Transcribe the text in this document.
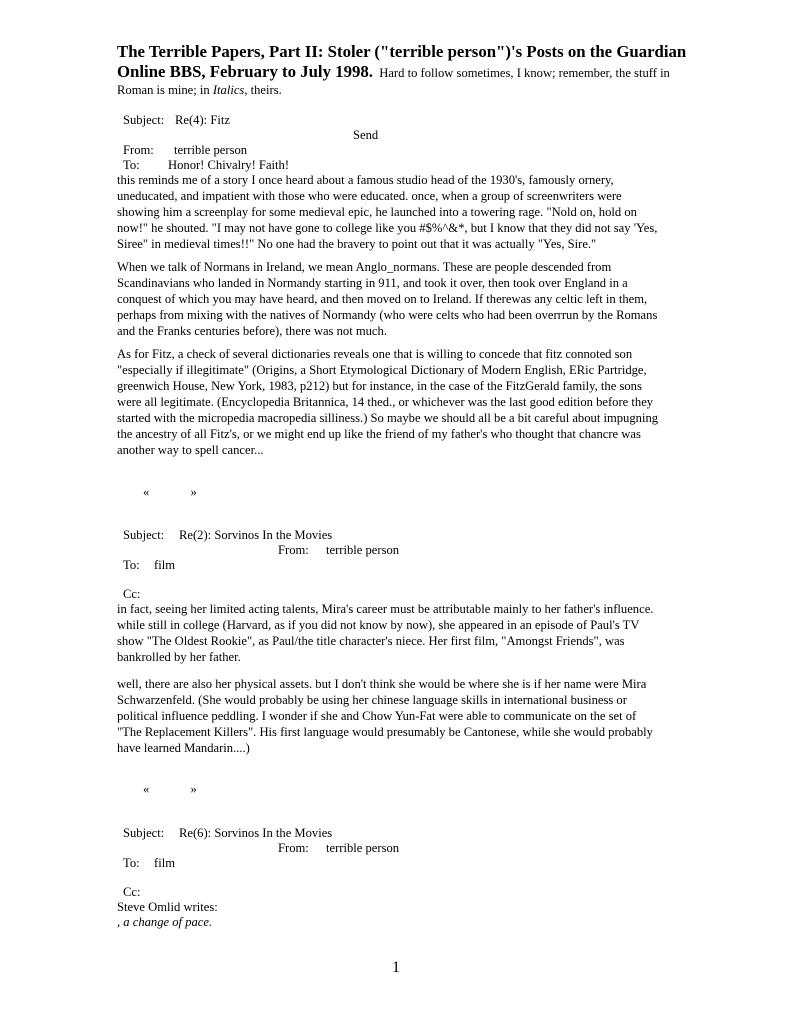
The Terrible Papers, Part II: Stoler ("terrible person")'s Posts on the Guardian
Online BBS, February to July 1998.  Hard to follow sometimes, I know; remember, the stuff in
Roman is mine; in Italics, theirs.
Subject: Re(4): Fitz
Send
From: terrible person
To: Honor! Chivalry! Faith!

this reminds me of a story I once heard about a famous studio head of the 1930's, famously ornery,

uneducated, and impatient with those who were educated. once, when a group of screenwriters were

showing him a screenplay for some medieval epic, he launched into a towering rage. "Nold on, hold on

now!" he shouted. "I may not have gone to college like you #$%^&*, but I know that they did not say 'Yes,

Siree" in medieval times!!" No one had the bravery to point out that it was actually "Yes, Sire."

When we talk of Normans in Ireland, we mean Anglo_normans. These are people descended from

Scandinavians who landed in Normandy starting in 911, and took it over, then took over England in a

conquest of which you may have heard, and then moved on to Ireland. If therewas any celtic left in them,

perhaps from mixing with the natives of Normandy (who were celts who had been overrrun by the Romans

and the Franks centuries before), there was not much.

As for Fitz, a check of several dictionaries reveals one that is willing to concede that fitz connoted son

"especially if illegitimate" (Origins, a Short Etymological Dictionary of Modern English, ERic Partridge,

greenwich House, New York, 1983, p212) but for instance, in the case of the FitzGerald family, the sons

were all legitimate. (Encyclopedia Britannica, 14 thed., or whichever was the last good edition before they

started with the micropedia macropedia silliness.) So maybe we should all be a bit careful about impugning

the ancestry of all Fitz's, or we might end up like the friend of my father's who thought that chancre was

another way to spell cancer...

«	»
Subject: Re(2): Sorvinos In the Movies
From: terrible person
To: film
Cc:

in fact, seeing her limited acting talents, Mira's career must be attributable mainly to her father's influence.

while still in college (Harvard, as if you did not know by now), she appeared in an episode of Paul's TV

show "The Oldest Rookie", as Paul/the title character's niece. Her first film, "Amongst Friends", was

bankrolled by her father.

well, there are also her physical assets. but I don't think she would be where she is if her name were Mira

Schwarzenfeld. (She would probably be using her chinese language skills in international business or

political influence peddling. I wonder if she and Chow Yun-Fat were able to communicate on the set of

"The Replacement Killers". His first language would presumably be Cantonese, while she would probably

have learned Mandarin....)

«	»
Subject: Re(6): Sorvinos In the Movies
From: terrible person
To: film
Cc:
Steve Omlid writes:
, a change of pace.
1
